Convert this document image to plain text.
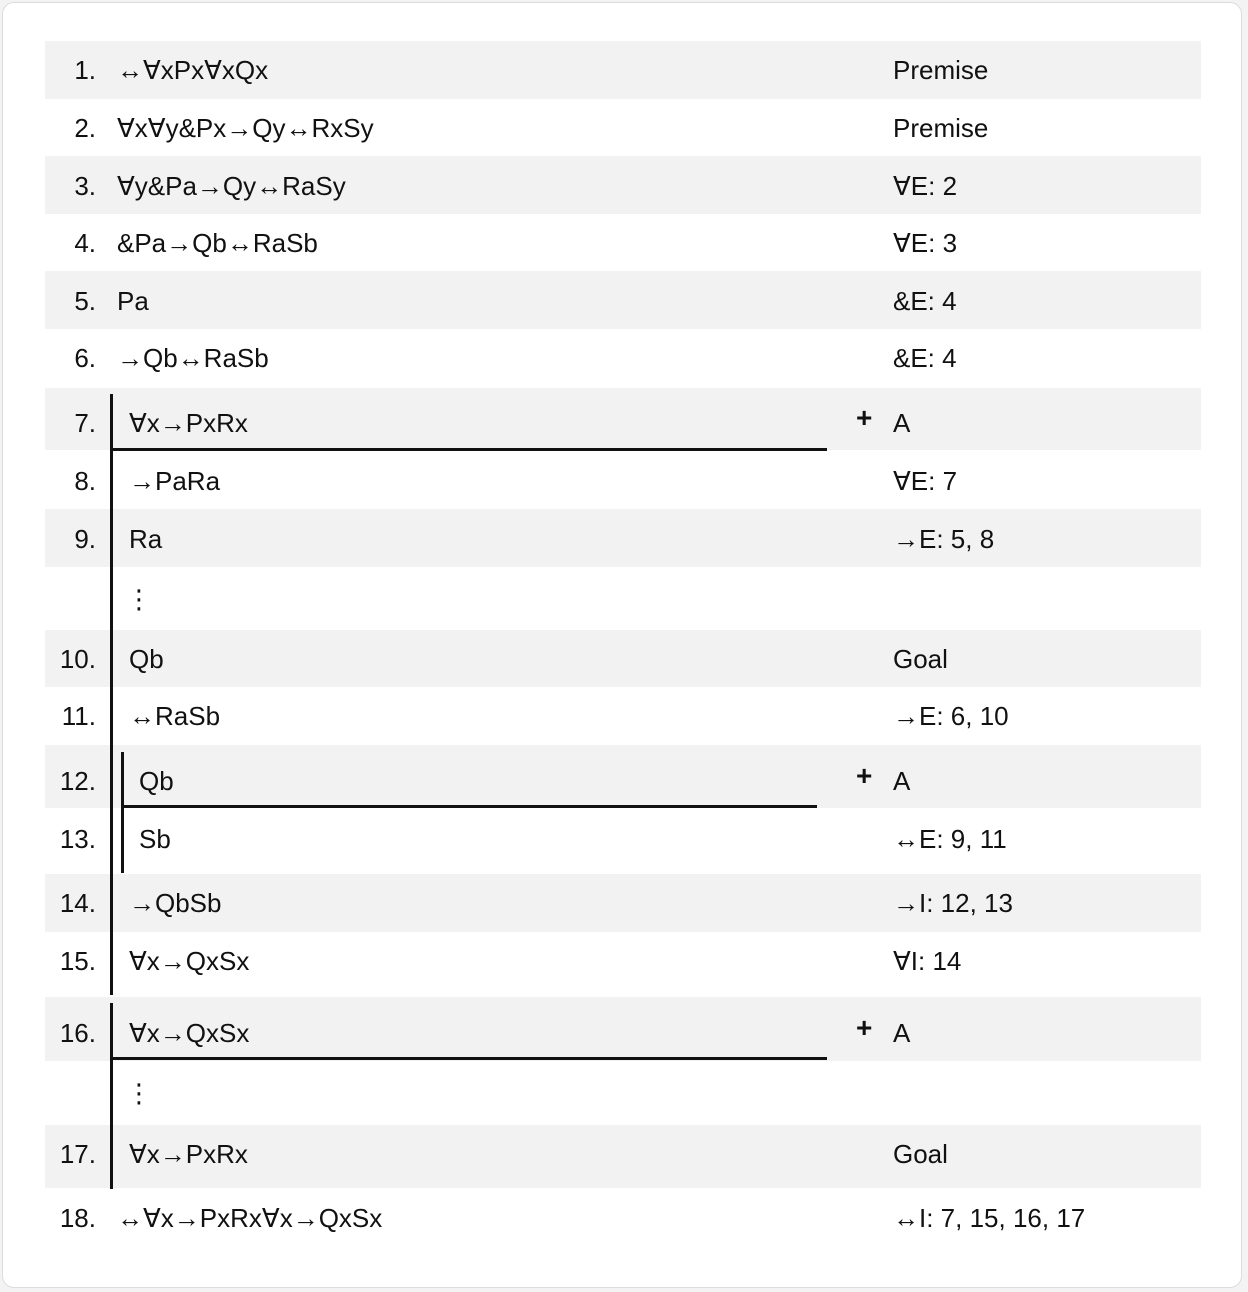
⋮
⋮
+
+
+
1. ↔∀xPx∀xQx	Premise
2. ∀x∀y&Px→Qy↔RxSy	Premise
3. ∀y&Pa→Qy↔RaSy	∀E: 2
4. &Pa→Qb↔RaSb	∀E: 3
5. Pa	&E: 4
6. →Qb↔RaSb	&E: 4
7. ∀x→PxRx	A
8. →PaRa	∀E: 7
9. Ra	→E: 5, 8
10. Qb	Goal
11. ↔RaSb	→E: 6, 10
12. Qb	A
13. Sb	↔E: 9, 11
14. →QbSb	→I: 12, 13
15. ∀x→QxSx	∀I: 14
16. ∀x→QxSx	A
17. ∀x→PxRx	Goal
18. ↔∀x→PxRx∀x→QxSx	↔I: 7, 15, 16, 17
